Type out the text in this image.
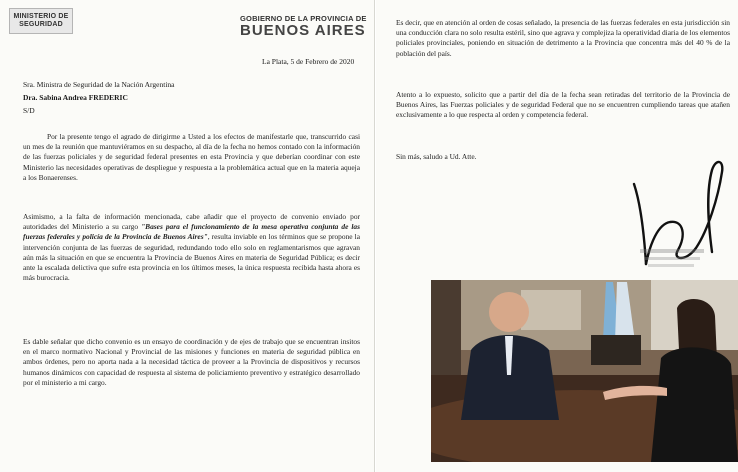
MINISTERIO DE
SEGURIDAD
GOBIERNO DE LA PROVINCIA DE
BUENOS AIRES
La Plata, 5 de Febrero de 2020
Sra. Ministra de Seguridad de la Nación Argentina
Dra. Sabina Andrea FREDERIC
S/D
Por la presente tengo el agrado de dirigirme a Usted a los efectos de manifestarle que, transcurrido casi un mes de la reunión que mantuviéramos en su despacho, al día de la fecha no hemos contado con la información de las fuerzas policiales y de seguridad federal presentes en esta Provincia y que deberían coordinar con este Ministerio las necesidades operativas de despliegue y respuesta a la problemática actual que en la materia aqueja a los Bonaerenses.
Asimismo, a la falta de información mencionada, cabe añadir que el proyecto de convenio enviado por autoridades del Ministerio a su cargo "Bases para el funcionamiento de la mesa operativa conjunta de las fuerzas federales y policía de la Provincia de Buenos Aires", resulta inviable en los términos que se propone la intervención conjunta de las fuerzas de seguridad, redundando todo ello solo en reglamentarismos que agravan aún más la situación en que se encuentra la Provincia de Buenos Aires en materia de Seguridad Pública; es decir ante la escalada delictiva que sufre esta provincia en los últimos meses, la única respuesta recibida hasta ahora es más burocracia.
Es dable señalar que dicho convenio es un ensayo de coordinación y de ejes de trabajo que se encuentran insitos en el marco normativo Nacional y Provincial de las misiones y funciones en materia de seguridad pública en ambos órdenes, pero no aporta nada a la necesidad táctica de proveer a la Provincia de dispositivos y recursos humanos dinámicos con capacidad de respuesta al sistema de policiamiento preventivo y estratégico desarrollado por el ministerio a mi cargo.
Es decir, que en atención al orden de cosas señalado, la presencia de las fuerzas federales en esta jurisdicción sin una conducción clara no solo resulta estéril, sino que agrava y complejiza la operatividad diaria de los elementos policiales provinciales, poniendo en situación de detrimento a la Provincia que concentra más del 40 % de la población del país.
Atento a lo expuesto, solicito que a partir del día de la fecha sean retiradas del territorio de la Provincia de Buenos Aires, las Fuerzas policiales y de seguridad Federal que no se encuentren cumpliendo tareas que atañen exclusivamente a lo que respecta al orden y competencia federal.
Sin más, saludo a Ud. Atte.
